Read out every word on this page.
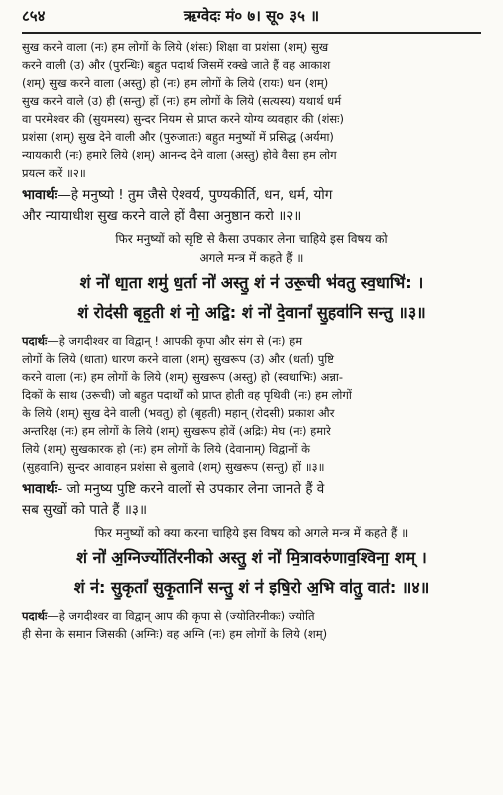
८५४	ऋग्वेदः मं० ७। सू० ३५ ॥

सुख करने वाला (नः) हम लोगों के लिये (शंसः) शिक्षा वा प्रशंसा (शम्) सुख

करने वाली (उ) और (पुरन्धिः) बहुत पदार्थ जिसमें रक्खे जाते हैं वह आकाश

(शम्) सुख करने वाला (अस्तु) हो (नः) हम लोगों के लिये (रायः) धन (शम्)

सुख करने वाले (उ) ही (सन्तु) हों (नः) हम लोगों के लिये (सत्यस्य) यथार्थ धर्म

वा परमेश्वर की (सुयमस्य) सुन्दर नियम से प्राप्त करने योग्य व्यवहार की (शंसः)

प्रशंसा (शम्) सुख देने वाली और (पुरुजातः) बहुत मनुष्यों में प्रसिद्ध (अर्यमा)

न्यायकारी (नः) हमारे लिये (शम्) आनन्द देने वाला (अस्तु) होवे वैसा हम लोग

प्रयत्न करें ॥२॥

भावार्थः—हे मनुष्यो ! तुम जैसे ऐश्वर्य, पुण्यकीर्ति, धन, धर्म, योग

और न्यायाधीश सुख करने वाले हों वैसा अनुष्ठान करो ॥२॥

फिर मनुष्यों को सृष्टि से कैसा उपकार लेना चाहिये इस विषय को

अगले मन्त्र में कहते हैं ॥

शं नो॑ धा॒ता शमु॑ ध॒र्ता नो॑ अस्तु॒ शं न॑ उरू॒ची भ॑वतु स्व॒धाभि॑: ।

शं रोद॑सी बृह॒ती शं नो॒ अद्रि॒: शं नो॑ दे॒वानां॑ सु॒हवा॑नि सन्तु ॥३॥

पदार्थः—हे जगदीश्वर वा विद्वान् ! आपकी कृपा और संग से (नः) हम

लोगों के लिये (धाता) धारण करने वाला (शम्) सुखरूप (उ) और (धर्ता) पुष्टि

करने वाला (नः) हम लोगों के लिये (शम्) सुखरूप (अस्तु) हो (स्वधाभिः) अन्ना-

दिकों के साथ (उरूची) जो बहुत पदार्थों को प्राप्त होती वह पृथिवी (नः) हम लोगों

के लिये (शम्) सुख देने वाली (भवतु) हो (बृहती) महान् (रोदसी) प्रकाश और

अन्तरिक्ष (नः) हम लोगों के लिये (शम्) सुखरूप होवें (अद्रिः) मेघ (नः) हमारे

लिये (शम्) सुखकारक हो (नः) हम लोगों के लिये (देवानाम्) विद्वानों के

(सुहवानि) सुन्दर आवाहन प्रशंसा से बुलावे (शम्) सुखरूप (सन्तु) हों ॥३॥

भावार्थः- जो मनुष्य पुष्टि करने वालों से उपकार लेना जानते हैं वे

सब सुखों को पाते हैं ॥३॥

फिर मनुष्यों को क्या करना चाहिये इस विषय को अगले मन्त्र में कहते हैं ॥

शं नो॑ अ॒ग्निर्ज्योति॑रनीको अस्तु॒ शं नो॑ मि॒त्रावरु॑णाव॒श्विना॒ शम् ।

शं न॑: सु॒कृतां॑ सुकृ॒तानि॑ सन्तु॒ शं न॑ इषि॒रो अ॒भि वा॑तु॒ वात॑: ॥४॥

पदार्थः—हे जगदीश्वर वा विद्वान् आप की कृपा से (ज्योतिरनीकः) ज्योति

ही सेना के समान जिसकी (अग्निः) वह अग्नि (नः) हम लोगों के लिये (शम्)
